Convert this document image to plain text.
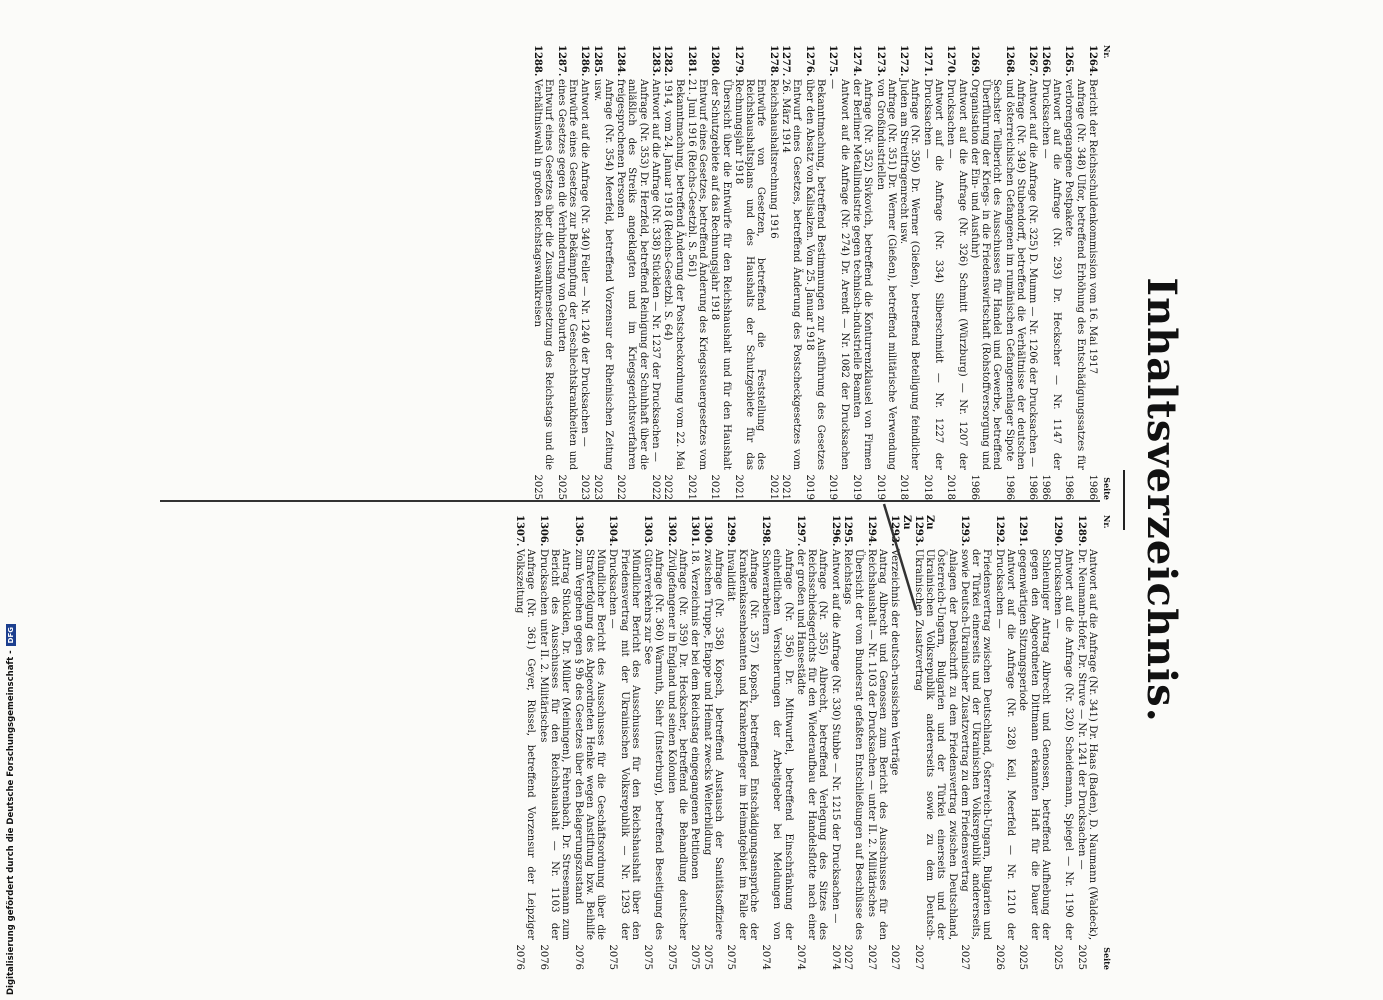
Inhaltsverzeichnis.
Nr.
Seite
1264.
Bericht der Reichsschuldenkommission vom 16. Mai 1917
1986
1265.
Anfrage (Nr. 348) Ulfor, betreffend Erhöhung des Entschädigungssatzes für verlorengegangene Postpakete
1986
1266.
Antwort auf die Anfrage (Nr. 293) Dr. Heckscher — Nr. 1147 der Drucksachen —
1986
1267.
Antwort auf die Anfrage (Nr. 325) D. Mumm — Nr. 1206 der Drucksachen —
1986
1268.
Anfrage (Nr. 349) Stubendorff, betreffend die Verhältnisse der deutschen und österreichischen Gefangenen im rumänischen Gefangenenlager Sipote
1986
1269.
Sechster Teilbericht des Ausschusses für Handel und Gewerbe, betreffend Überführung der Kriegs- in die Friedenswirtschaft (Rohstoffversorgung und Organisation der Ein- und Ausfuhr)
1986
1270.
Antwort auf die Anfrage (Nr. 326) Schmitt (Würzburg) — Nr. 1207 der Drucksachen —
2018
1271.
Antwort auf die Anfrage (Nr. 334) Silberschmidt — Nr. 1227 der Drucksachen —
2018
1272.
Anfrage (Nr. 350) Dr. Werner (Gießen), betreffend Beteiligung feindlicher Juden am Streitfragenrecht usw.
2018
1273.
Anfrage (Nr. 351) Dr. Werner (Gießen), betreffend militärische Verwendung von Großindustriellen
2019
1274.
Anfrage (Nr. 352) Sivkovich, betreffend die Konturrenzklausel von Firmen der Berliner Metallindustrie gegen technisch-industrielle Beamten
2019
1275.
Antwort auf die Anfrage (Nr. 274) Dr. Arendt — Nr. 1082 der Drucksachen —
2019
1276.
Bekanntmachung, betreffend Bestimmungen zur Ausführung des Gesetzes über den Absatz von Kalisalzen. Vom 25. Januar 1918
2019
1277.
Entwurf eines Gesetzes, betreffend Änderung des Postscheckgesetzes vom 26. März 1914
2021
1278.
Reichshaushaltsrechnung 1916
2021
1279.
Entwürfe von Gesetzen, betreffend die Feststellung des Reichshaushaltsplans und des Haushalts der Schutzgebiete für das Rechnungsjahr 1918
2021
1280.
Übersicht über die Entwürfe für den Reichshaushalt und für den Haushalt der Schutzgebiete auf das Rechnungsjahr 1918
2021
1281.
Entwurf eines Gesetzes, betreffend Änderung des Kriegssteuergesetzes vom 21. Juni 1916 (Reichs-Gesetzbl. S. 561)
2021
1282.
Bekanntmachung, betreffend Änderung der Postscheckordnung vom 22. Mai 1914, vom 24. Januar 1918 (Reichs-Gesetzbl. S. 64)
2022
1283.
Antwort auf die Anfrage (Nr. 338) Stücklen — Nr. 1237 der Drucksachen —
2022
1284.
Anfrage (Nr. 353) Dr. Herzfeld, betreffend Reinigung der Schuhhaft über die anläßlich des Streiks angeklagten und im Kriegsgerichtsverfahren freigesprochenen Personen
2022
1285.
Anfrage (Nr. 354) Meerfeld, betreffend Vorzensur der Rheinischen Zeitung usw.
2023
1286.
Antwort auf die Anfrage (Nr. 340) Feller — Nr. 1240 der Drucksachen —
2023
1287.
Entwürfe eines Gesetzes zur Bekämpfung der Geschlechtskrankheiten und eines Gesetzes gegen die Verhinderung von Geburten
2025
1288.
Entwurf eines Gesetzes über die Zusammensetzung des Reichstags und die Verhältniswahl in großen Reichstagswahlkreisen
2025
Nr.
Seite
1289.
Antwort auf die Anfrage (Nr. 341) Dr. Haas (Baden), D. Naumann (Waldeck), Dr. Neumann-Hofer, Dr. Struve — Nr. 1241 der Drucksachen —
2025
1290.
Antwort auf die Anfrage (Nr. 320) Scheidemann, Spiegel — Nr. 1190 der Drucksachen —
2025
1291.
Schleuniger Antrag Albrecht und Genossen, betreffend Aufhebung der gegen den Abgeordneten Dittmann erkannten Haft für die Dauer der gegenwärtigen Sitzungsperiode
2025
1292.
Antwort auf die Anfrage (Nr. 328) Keil, Meerfeld — Nr. 1210 der Drucksachen —
2026
1293.
Friedensvertrag zwischen Deutschland, Österreich-Ungarn, Bulgarien und der Türkei einerseits und der Ukrainischen Volksrepublik andererseits, sowie Deutsch-Ukrainischer Zusatzvertrag zu dem Friedensvertrag
2027
Zu 1293.
Anlagen der Denkschrift zu dem Friedensvertrag zwischen Deutschland, Österreich-Ungarn, Bulgarien und der Türkei einerseits und der Ukrainischen Volksrepublik andererseits sowie zu dem Deutsch-Ukrainischen Zusatzvertrag
2027
Zu 1293.
Verzeichnis der deutsch-russischen Verträge
2027
1294.
Antrag Albrecht und Genossen zum Bericht des Ausschusses für den Reichshaushalt — Nr. 1103 der Drucksachen — unter II. 2. Militärisches
2027
1295.
Übersicht der vom Bundesrat gefaßten Entschließungen auf Beschlüsse des Reichstags
2027
1296.
Antwort auf die Anfrage (Nr. 330) Stubbe — Nr. 1215 der Drucksachen —
2074
1297.
Anfrage (Nr. 355) Albrecht, betreffend Verlegung des Sitzes des Reichsschiedsgerichts für den Wiederaufbau der Handelsflotte nach einer der großen und Hansestädte
2074
1298.
Anfrage (Nr. 356) Dr. Mittwurtel, betreffend Einschränkung der einheitlichen Versicherungen der Arbeitgeber bei Meldungen von Schwerarbeitern
2074
1299.
Anfrage (Nr. 357) Kopsch, betreffend Entschädigungsansprüche der Krankenkassenbeamten und Krankenpfleger im Heimatgebiet im Falle der Invalidität
2075
1300.
Anfrage (Nr. 358) Kopsch, betreffend Austausch der Sanitätsoffiziere zwischen Truppe, Etappe und Heimat zwecks Weiterbildung
2075
1301.
18. Verzeichnis der bei dem Reichstag eingegangenen Petitionen
2075
1302.
Anfrage (Nr. 359) Dr. Heckscher, betreffend die Behandlung deutscher Zivilgefangener in England und seinen Kolonien
2075
1303.
Anfrage (Nr. 360) Warmuth, Siehr (Insterburg), betreffend Beseitigung des Güterverkehrs zur See
2075
1304.
Mündlicher Bericht des Ausschusses für den Reichshaushalt über den Friedensvertrag mit der Ukrainischen Volksrepublik — Nr. 1293 der Drucksachen —
2075
1305.
Mündlicher Bericht des Ausschusses für die Geschäftsordnung über die Strafverfolgung des Abgeordneten Henke wegen Anstiftung bzw. Beihilfe zum Vergehen gegen § 9b des Gesetzes über den Belagerungszustand
2076
1306.
Antrag Stücklen, Dr. Müller (Meiningen), Fehrenbach, Dr. Stresemann zum Bericht des Ausschusses für den Reichshaushalt — Nr. 1103 der Drucksachen unter II. 2. Militärisches
2076
1307.
Anfrage (Nr. 361) Geyer, Rüssel, betreffend Vorzensur der Leipziger Volkszeitung
2076
Digitalisierung gefördert durch die Deutsche Forschungsgemeinschaft -
DFG
